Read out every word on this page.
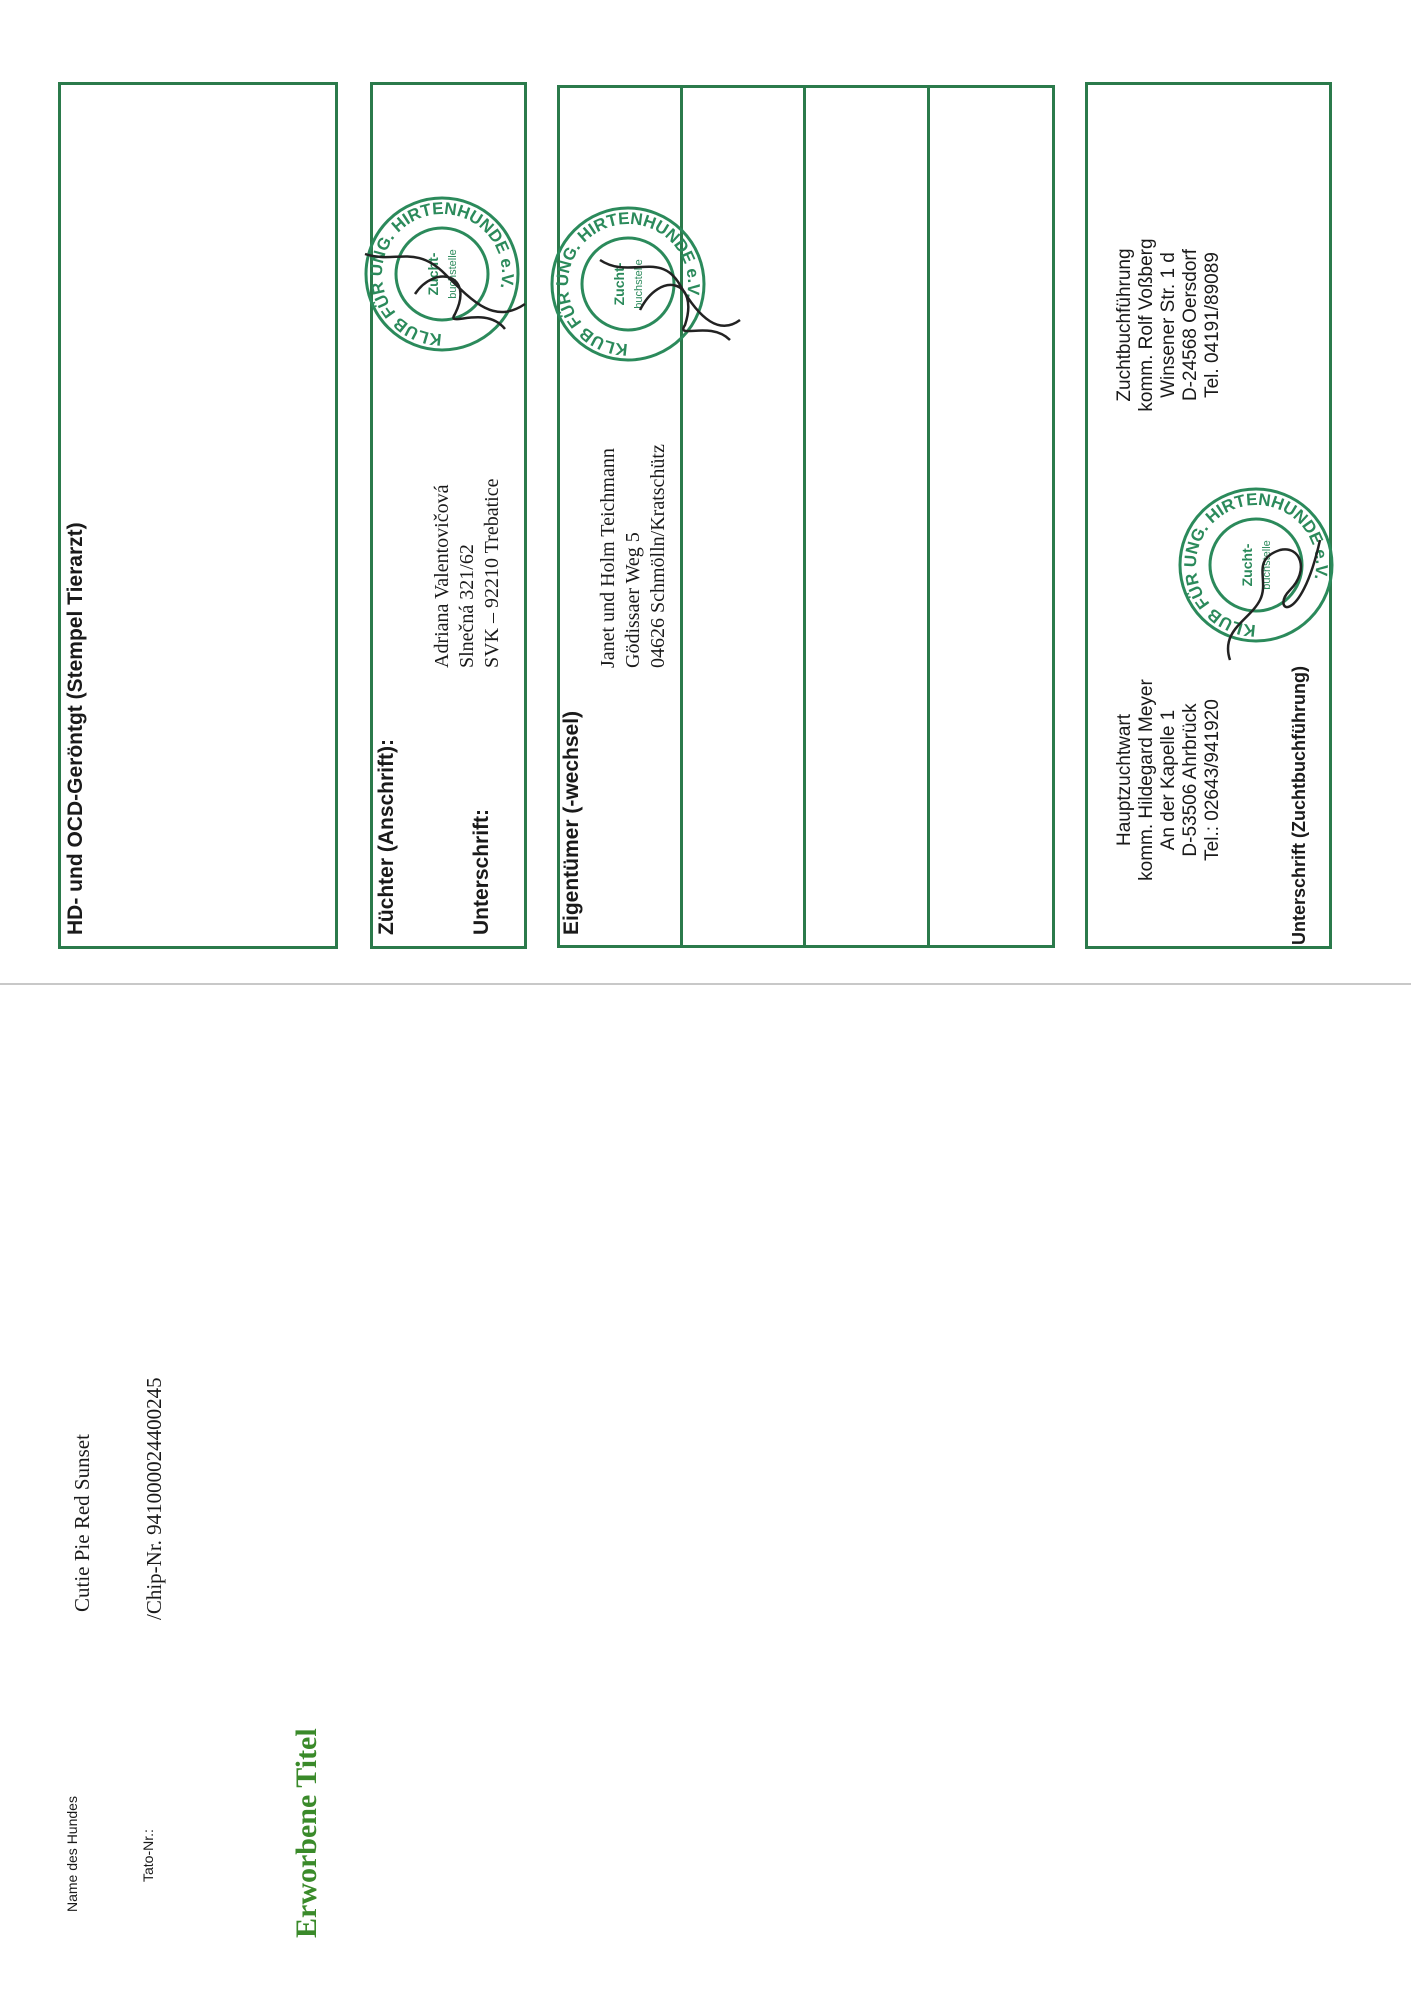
Name des Hundes
Cutie Pie Red Sunset
Tato-Nr.:
/Chip-Nr. 941000024400245
Erworbene Titel
HD- und OCD-Geröntgt (Stempel Tierarzt)	Züchter (Anschrift):	Unterschrift:
Adriana Valentovičová Slnečná 321/62 SVK – 92210 Trebatice
Eigentümer (-wechsel)
Janet und Holm Teichmann Gödissaer Weg 5 04626 Schmölln/Kratschütz
Hauptzuchtwart komm. Hildegard Meyer An der Kapelle 1 D-53506 Ahrbrück Tel.: 02643/941920
Zuchtbuchführung komm. Rolf Voßberg Winsener Str. 1 d D-24568 Oersdorf Tel. 04191/89089
Unterschrift (Zuchtbuchführung)
KLUB FÜR UNG. HIRTENHUNDE e.V.
Zucht- buchstelle
KLUB FÜR UNG. HIRTENHUNDE e.V.
Zucht- buchstelle
KLUB FÜR UNG. HIRTENHUNDE e.V.
Zucht- buchstelle
